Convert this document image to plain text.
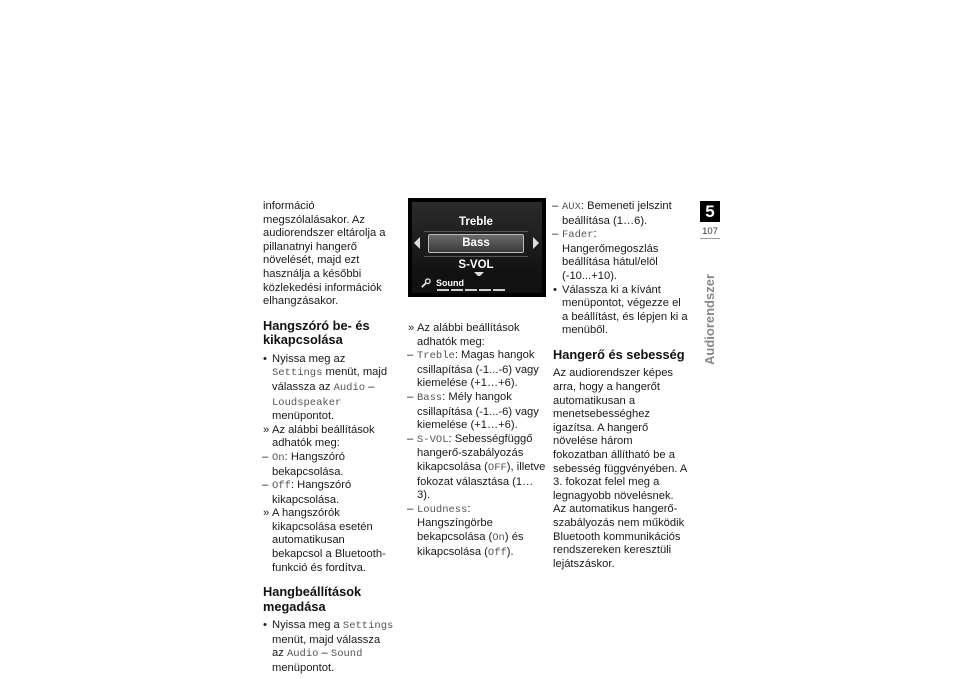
információ megszólalásakor. Az audiorendszer eltárolja a pillanatnyi hangerő növelését, majd ezt használja a későbbi közlekedési információk elhangzásakor.

Hangszóró be- és kikapcsolása

• Nyissa meg az Settings menüt, majd válassza az Audio – Loudspeaker menüpontot.

» Az alábbi beállítások adhatók meg:

– On: Hangszóró bekapcsolása.

– Off: Hangszóró kikapcsolása.

» A hangszórók kikapcsolása esetén automatikusan bekapcsol a Bluetooth-funkció és fordítva.

Hangbeállítások megadása

• Nyissa meg a Settings menüt, majd válassza az Audio – Sound menüpontot.

Treble
Bass
S-VOL
Sound

» Az alábbi beállítások adhatók meg:

– Treble: Magas hangok csillapítása (-1...-6) vagy kiemelése (+1…+6).

– Bass: Mély hangok csillapítása (-1...-6) vagy kiemelése (+1…+6).

– S-VOL: Sebességfüggő hangerő-szabályozás kikapcsolása (OFF), illetve fokozat választása (1…3).

– Loudness: Hangszíngörbe bekapcsolása (On) és kikapcsolása (Off).

– AUX: Bemeneti jelszint beállítása (1…6).

– Fader: Hangerőmegoszlás beállítása hátul/elöl (-10...+10).

• Válassza ki a kívánt menüpontot, végezze el a beállítást, és lépjen ki a menüből.

Hangerő és sebesség

Az audiorendszer képes arra, hogy a hangerőt automatikusan a menetsebességhez igazítsa. A hangerő növelése három fokozatban állítható be a sebesség függvényében. A 3. fokozat felel meg a legnagyobb növelésnek. Az automatikus hangerő-szabályozás nem működik Bluetooth kommunikációs rendszereken keresztüli lejátszáskor.

5
107
Audiorendszer
